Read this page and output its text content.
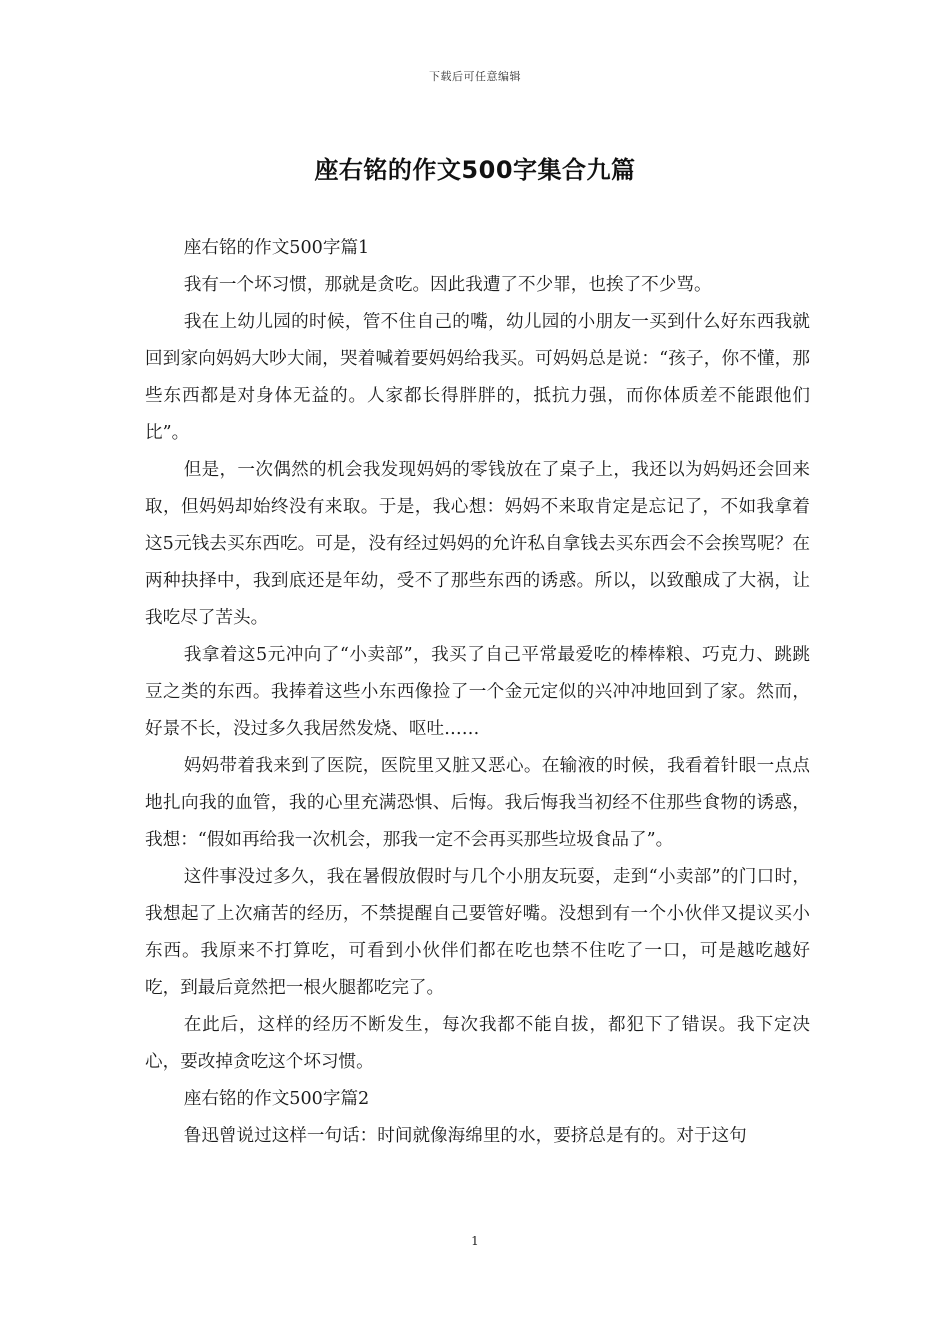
下载后可任意编辑
座右铭的作文500字集合九篇

座右铭的作文500字篇1

我有一个坏习惯，那就是贪吃。因此我遭了不少罪，也挨了不少骂。

我在上幼儿园的时候，管不住自己的嘴，幼儿园的小朋友一买到什么好东西我就回到家向妈妈大吵大闹，哭着喊着要妈妈给我买。可妈妈总是说：“孩子，你不懂，那些东西都是对身体无益的。人家都长得胖胖的，抵抗力强，而你体质差不能跟他们比”。

但是，一次偶然的机会我发现妈妈的零钱放在了桌子上，我还以为妈妈还会回来取，但妈妈却始终没有来取。于是，我心想：妈妈不来取肯定是忘记了，不如我拿着这5元钱去买东西吃。可是，没有经过妈妈的允许私自拿钱去买东西会不会挨骂呢？在两种抉择中，我到底还是年幼，受不了那些东西的诱惑。所以，以致酿成了大祸，让我吃尽了苦头。

我拿着这5元冲向了“小卖部”，我买了自己平常最爱吃的棒棒粮、巧克力、跳跳豆之类的东西。我捧着这些小东西像捡了一个金元定似的兴冲冲地回到了家。然而，好景不长，没过多久我居然发烧、呕吐……

妈妈带着我来到了医院，医院里又脏又恶心。在输液的时候，我看着针眼一点点地扎向我的血管，我的心里充满恐惧、后悔。我后悔我当初经不住那些食物的诱惑，我想：“假如再给我一次机会，那我一定不会再买那些垃圾食品了”。

这件事没过多久，我在暑假放假时与几个小朋友玩耍，走到“小卖部”的门口时，我想起了上次痛苦的经历，不禁提醒自己要管好嘴。没想到有一个小伙伴又提议买小东西。我原来不打算吃，可看到小伙伴们都在吃也禁不住吃了一口，可是越吃越好吃，到最后竟然把一根火腿都吃完了。

在此后，这样的经历不断发生，每次我都不能自拔，都犯下了错误。我下定决心，要改掉贪吃这个坏习惯。

座右铭的作文500字篇2

鲁迅曾说过这样一句话：时间就像海绵里的水，要挤总是有的。对于这句

1
